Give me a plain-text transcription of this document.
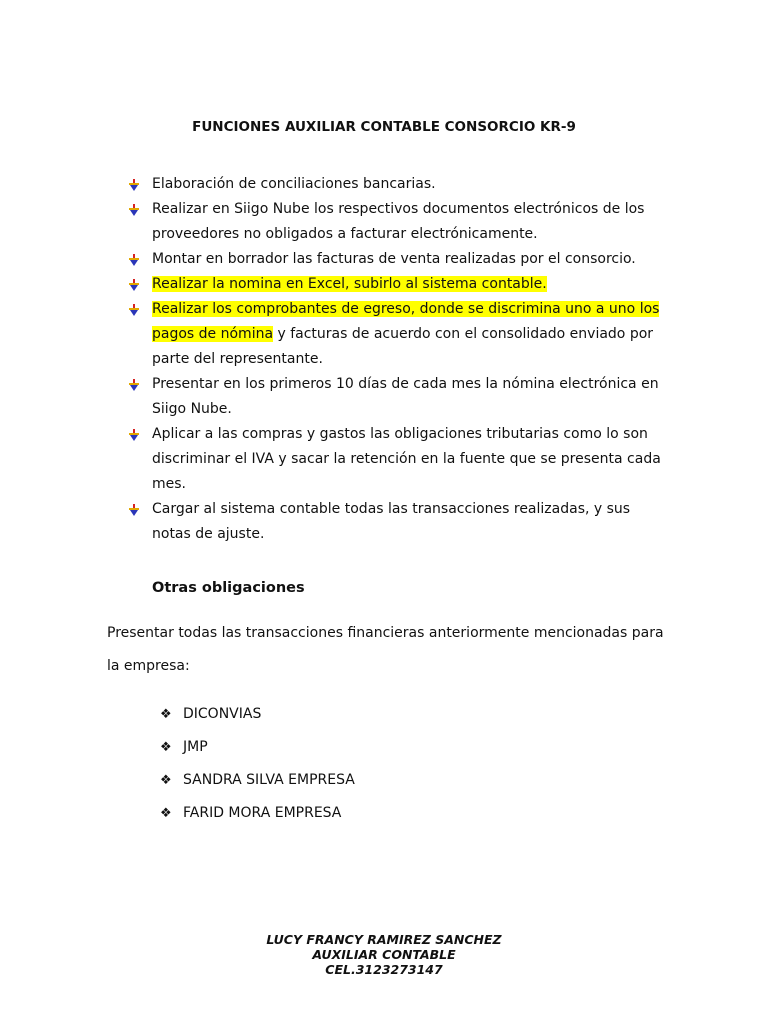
FUNCIONES AUXILIAR CONTABLE CONSORCIO KR-9
Elaboración de conciliaciones bancarias.
Realizar en Siigo Nube los respectivos documentos electrónicos de los proveedores no obligados a facturar electrónicamente.
Montar en borrador las facturas de venta realizadas por el consorcio.
Realizar la nomina en Excel, subirlo al sistema contable.
Realizar los comprobantes de egreso, donde se discrimina uno a uno los pagos de nómina y facturas de acuerdo con el consolidado enviado por parte del representante.
Presentar en los primeros 10 días de cada mes la nómina electrónica en Siigo Nube.
Aplicar a las compras y gastos las obligaciones tributarias como lo son discriminar el IVA y sacar la retención en la fuente que se presenta cada mes.
Cargar al sistema contable todas las transacciones realizadas, y sus notas de ajuste.
Otras obligaciones
Presentar todas las transacciones financieras anteriormente mencionadas para la empresa:
❖ DICONVIAS
❖ JMP
❖ SANDRA SILVA EMPRESA
❖ FARID MORA EMPRESA
LUCY FRANCY RAMIREZ SANCHEZ
AUXILIAR CONTABLE
CEL.3123273147
